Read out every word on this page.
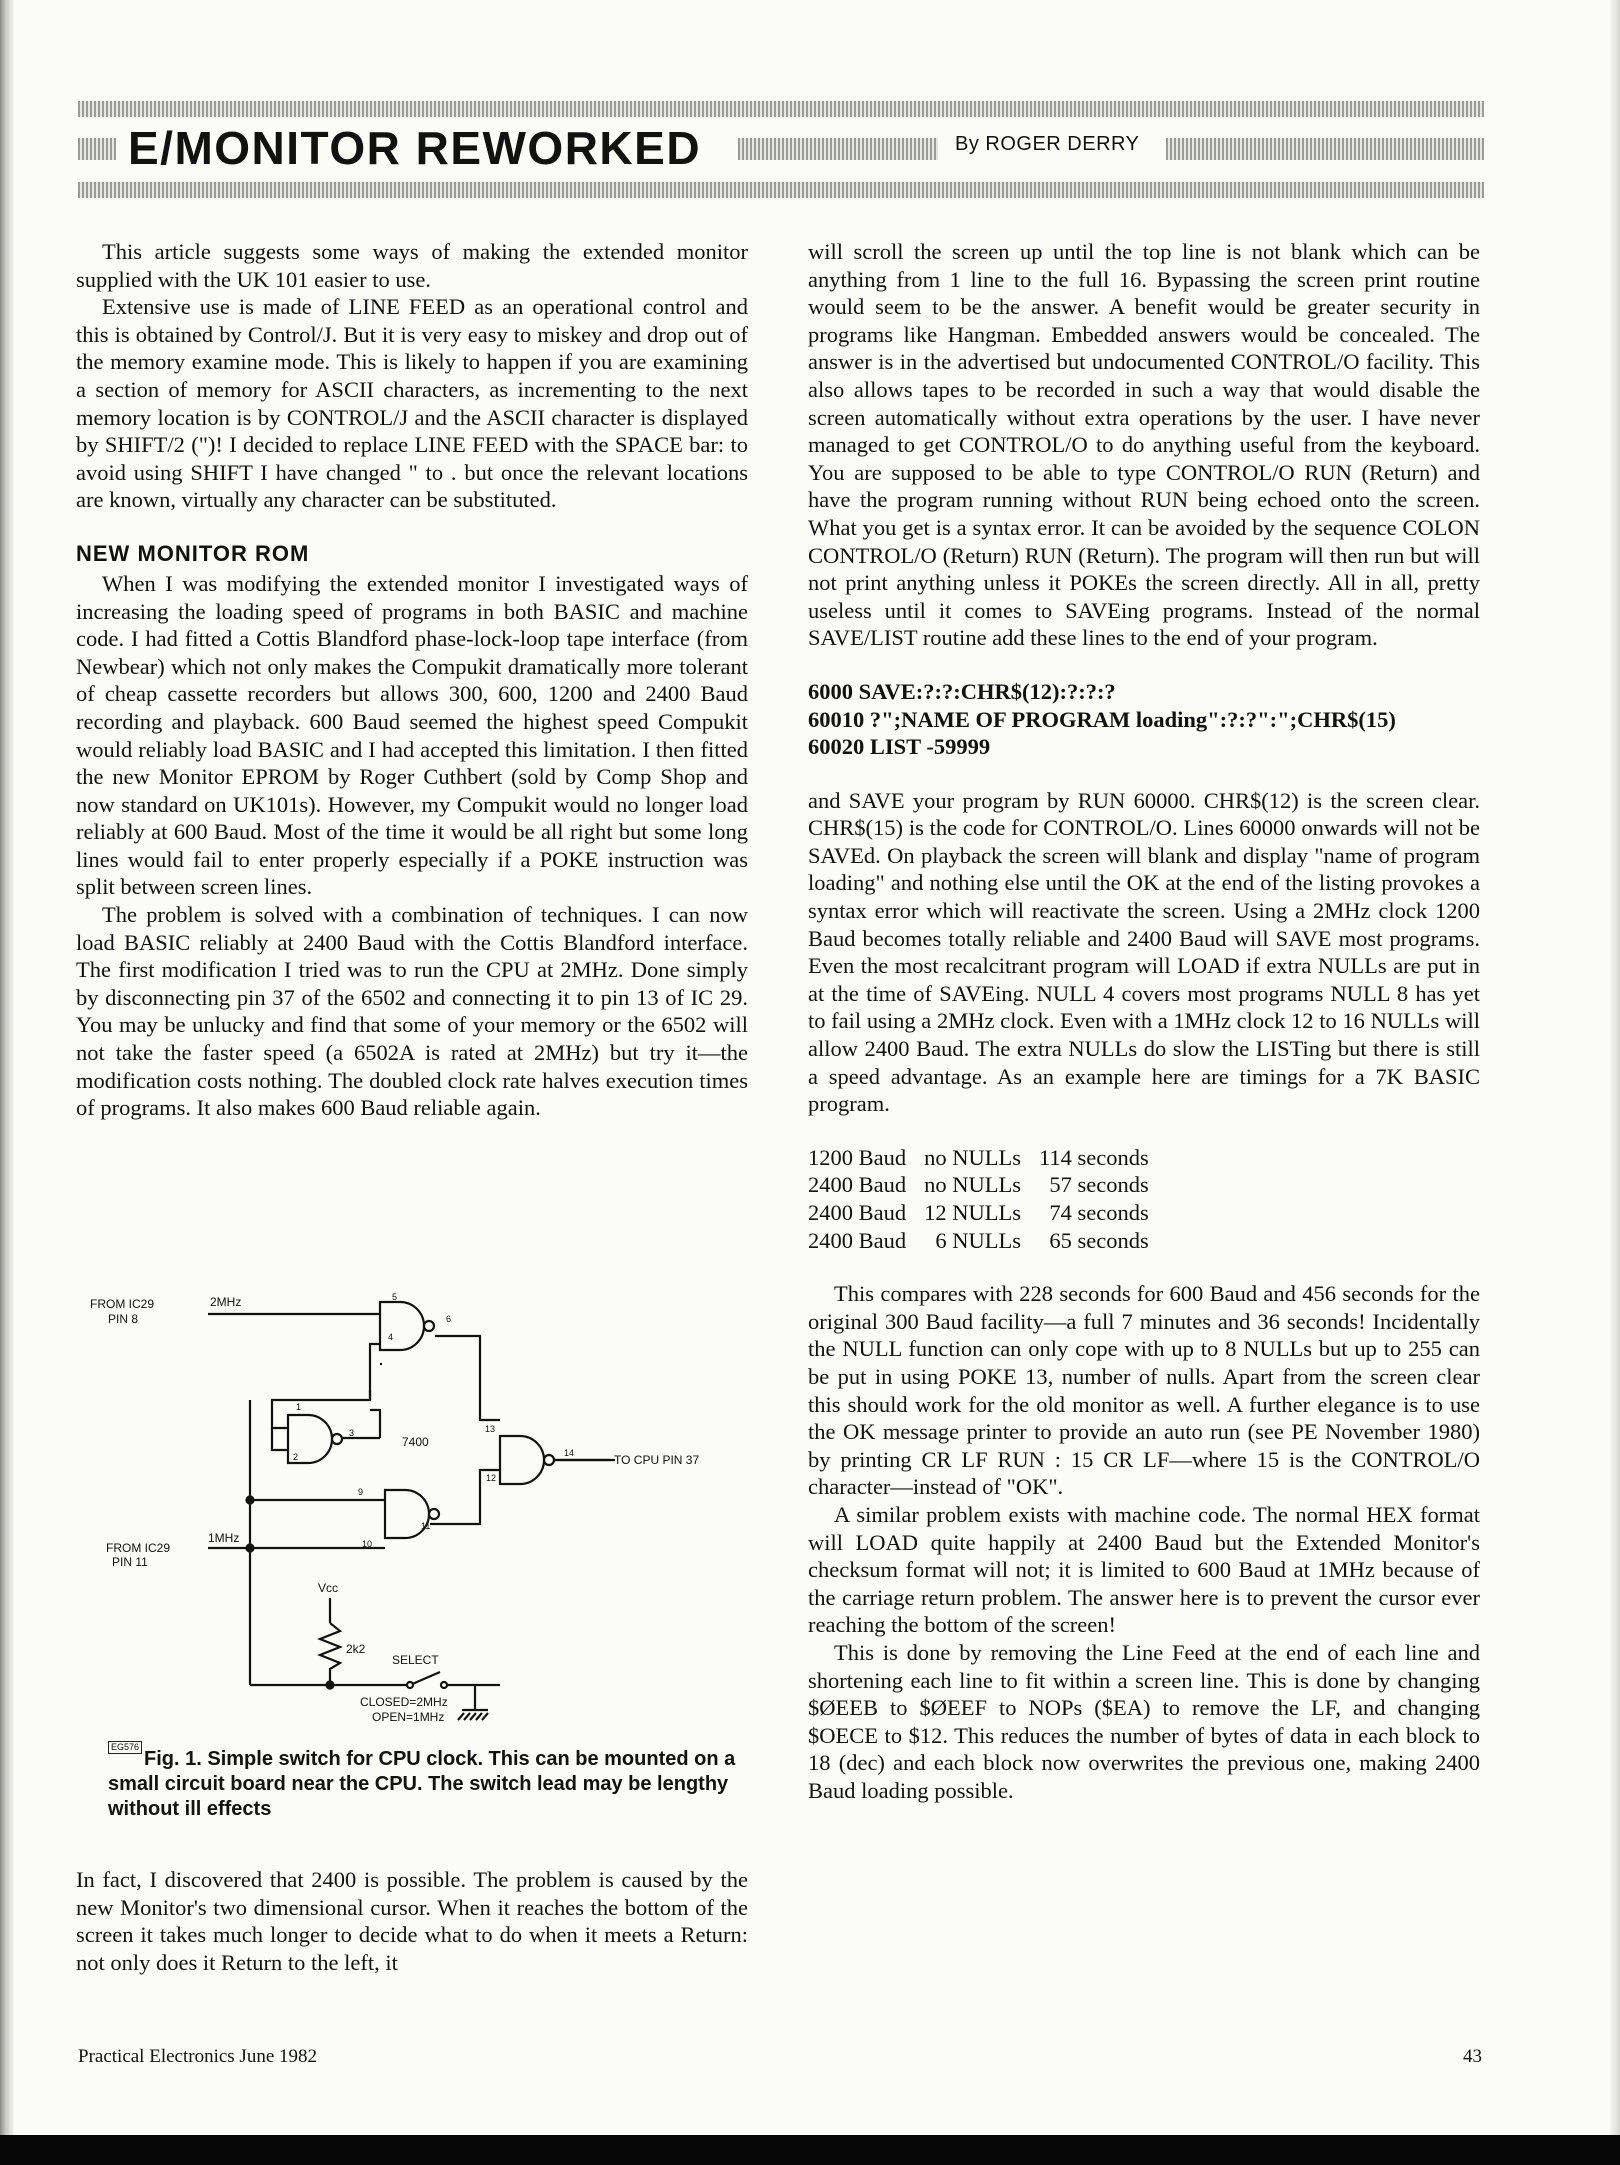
E/MONITOR REWORKED	By ROGER DERRY

This article suggests some ways of making the extended monitor supplied with the UK 101 easier to use.

Extensive use is made of LINE FEED as an operational control and this is obtained by Control/J. But it is very easy to miskey and drop out of the memory examine mode. This is likely to happen if you are examining a section of memory for ASCII characters, as incrementing to the next memory location is by CONTROL/J and the ASCII character is displayed by SHIFT/2 (")! I decided to replace LINE FEED with the SPACE bar: to avoid using SHIFT I have changed " to . but once the relevant locations are known, virtually any character can be substituted.

NEW MONITOR ROM

When I was modifying the extended monitor I investigated ways of increasing the loading speed of programs in both BASIC and machine code. I had fitted a Cottis Blandford phase-lock-loop tape interface (from Newbear) which not only makes the Compukit dramatically more tolerant of cheap cassette recorders but allows 300, 600, 1200 and 2400 Baud recording and playback. 600 Baud seemed the highest speed Compukit would reliably load BASIC and I had accepted this limitation. I then fitted the new Monitor EPROM by Roger Cuthbert (sold by Comp Shop and now standard on UK101s). However, my Compukit would no longer load reliably at 600 Baud. Most of the time it would be all right but some long lines would fail to enter properly especially if a POKE instruction was split between screen lines.

The problem is solved with a combination of techniques. I can now load BASIC reliably at 2400 Baud with the Cottis Blandford interface. The first modification I tried was to run the CPU at 2MHz. Done simply by disconnecting pin 37 of the 6502 and connecting it to pin 13 of IC 29. You may be unlucky and find that some of your memory or the 6502 will not take the faster speed (a 6502A is rated at 2MHz) but try it—the modification costs nothing. The doubled clock rate halves execution times of programs. It also makes 600 Baud reliable again.

FROM IC29
PIN 8
2MHz
FROM IC29
PIN 11
1MHz
7400
TO CPU PIN 37
Vcc
2k2
SELECT
CLOSED=2MHz
OPEN=1MHz
5
4
6
1
2
3	13
12
14
9
10
11
EG576Fig. 1. Simple switch for CPU clock. This can be mounted on a small circuit board near the CPU. The switch lead may be lengthy without ill effects

In fact, I discovered that 2400 is possible. The problem is caused by the new Monitor's two dimensional cursor. When it reaches the bottom of the screen it takes much longer to decide what to do when it meets a Return: not only does it Return to the left, it

will scroll the screen up until the top line is not blank which can be anything from 1 line to the full 16. Bypassing the screen print routine would seem to be the answer. A benefit would be greater security in programs like Hangman. Embedded answers would be concealed. The answer is in the advertised but undocumented CONTROL/O facility. This also allows tapes to be recorded in such a way that would disable the screen automatically without extra operations by the user. I have never managed to get CONTROL/O to do anything useful from the keyboard. You are supposed to be able to type CONTROL/O RUN (Return) and have the program running without RUN being echoed onto the screen. What you get is a syntax error. It can be avoided by the sequence COLON CONTROL/O (Return) RUN (Return). The program will then run but will not print anything unless it POKEs the screen directly. All in all, pretty useless until it comes to SAVEing programs. Instead of the normal SAVE/LIST routine add these lines to the end of your program.

6000 SAVE:?:?:CHR$(12):?:?:?
60010 ?";NAME OF PROGRAM loading":?:?":";CHR$(15)
60020 LIST -59999

and SAVE your program by RUN 60000. CHR$(12) is the screen clear. CHR$(15) is the code for CONTROL/O. Lines 60000 onwards will not be SAVEd. On playback the screen will blank and display "name of program loading" and nothing else until the OK at the end of the listing provokes a syntax error which will reactivate the screen. Using a 2MHz clock 1200 Baud becomes totally reliable and 2400 Baud will SAVE most programs. Even the most recalcitrant program will LOAD if extra NULLs are put in at the time of SAVEing. NULL 4 covers most programs NULL 8 has yet to fail using a 2MHz clock. Even with a 1MHz clock 12 to 16 NULLs will allow 2400 Baud. The extra NULLs do slow the LISTing but there is still a speed advantage. As an example here are timings for a 7K BASIC program.

1200 Baud	no NULLs	114 seconds
2400 Baud	no NULLs	57 seconds
2400 Baud	12 NULLs	74 seconds
2400 Baud	6 NULLs	65 seconds

This compares with 228 seconds for 600 Baud and 456 seconds for the original 300 Baud facility—a full 7 minutes and 36 seconds! Incidentally the NULL function can only cope with up to 8 NULLs but up to 255 can be put in using POKE 13, number of nulls. Apart from the screen clear this should work for the old monitor as well. A further elegance is to use the OK message printer to provide an auto run (see PE November 1980) by printing CR LF RUN : 15 CR LF—where 15 is the CONTROL/O character—instead of "OK".

A similar problem exists with machine code. The normal HEX format will LOAD quite happily at 2400 Baud but the Extended Monitor's checksum format will not; it is limited to 600 Baud at 1MHz because of the carriage return problem. The answer here is to prevent the cursor ever reaching the bottom of the screen!

This is done by removing the Line Feed at the end of each line and shortening each line to fit within a screen line. This is done by changing $ØEEB to $ØEEF to NOPs ($EA) to remove the LF, and changing $OECE to $12. This reduces the number of bytes of data in each block to 18 (dec) and each block now overwrites the previous one, making 2400 Baud loading possible.

Practical Electronics June 1982	43
